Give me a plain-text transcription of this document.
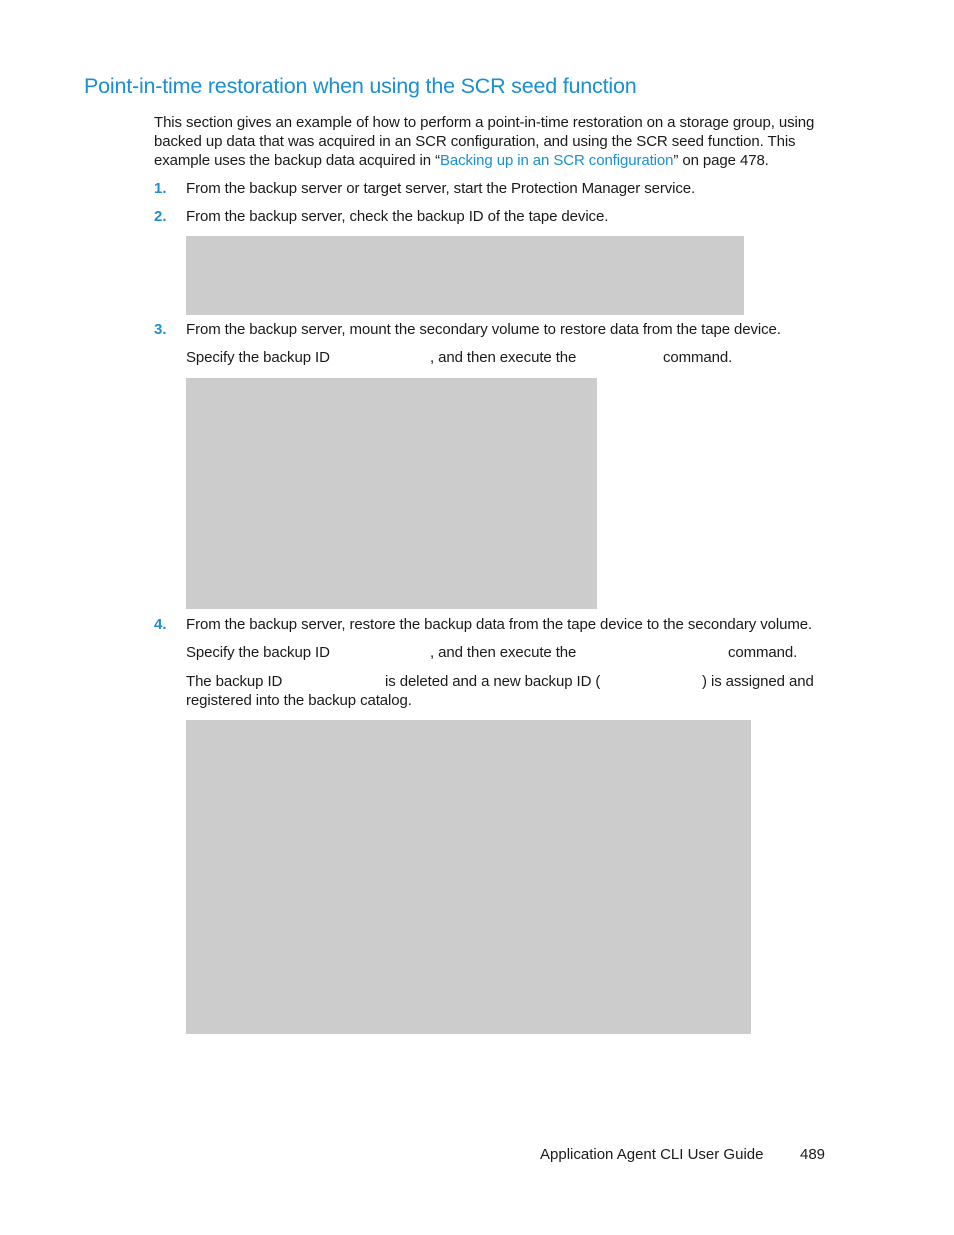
Point-in-time restoration when using the SCR seed function
This section gives an example of how to perform a point-in-time restoration on a storage group, using
backed up data that was acquired in an SCR configuration, and using the SCR seed function. This
example uses the backup data acquired in “Backing up in an SCR configuration” on page 478.
1. From the backup server or target server, start the Protection Manager service.
2. From the backup server, check the backup ID of the tape device.
3. From the backup server, mount the secondary volume to restore data from the tape device.
Specify the backup ID	, and then execute the	command.
4. From the backup server, restore the backup data from the tape device to the secondary volume.
Specify the backup ID	, and then execute the	command.
The backup ID	is deleted and a new backup ID (	) is assigned and
registered into the backup catalog.
Application Agent CLI User Guide 489
